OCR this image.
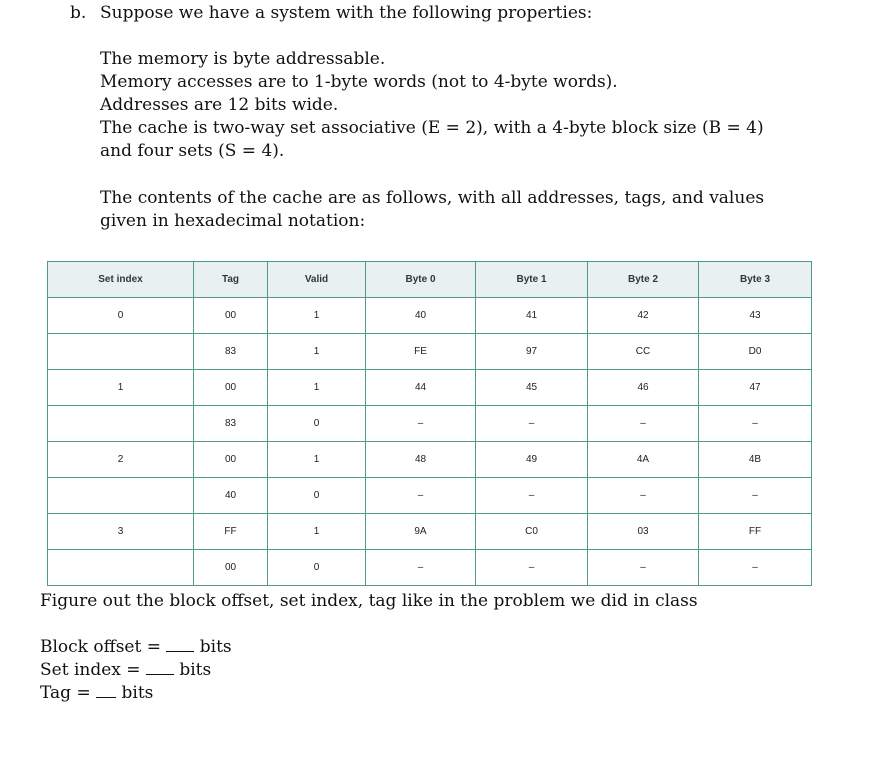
b. Suppose we have a system with the following properties:
The memory is byte addressable.
Memory accesses are to 1-byte words (not to 4-byte words).
Addresses are 12 bits wide.
The cache is two-way set associative (E = 2), with a 4-byte block size (B = 4)
and four sets (S = 4).
The contents of the cache are as follows, with all addresses, tags, and values
given in hexadecimal notation:
Set index	Tag	Valid	Byte 0	Byte 1	Byte 2	Byte 3
0	00	1	40	41	42	43
	83	1	FE	97	CC	D0
1	00	1	44	45	46	47
	83	0	–	–	–	–
2	00	1	48	49	4A	4B
	40	0	–	–	–	–
3	FF	1	9A	C0	03	FF
	00	0	–	–	–	–
Figure out the block offset, set index, tag like in the problem we did in class
Block offset =  bits
Set index =  bits
Tag =  bits
